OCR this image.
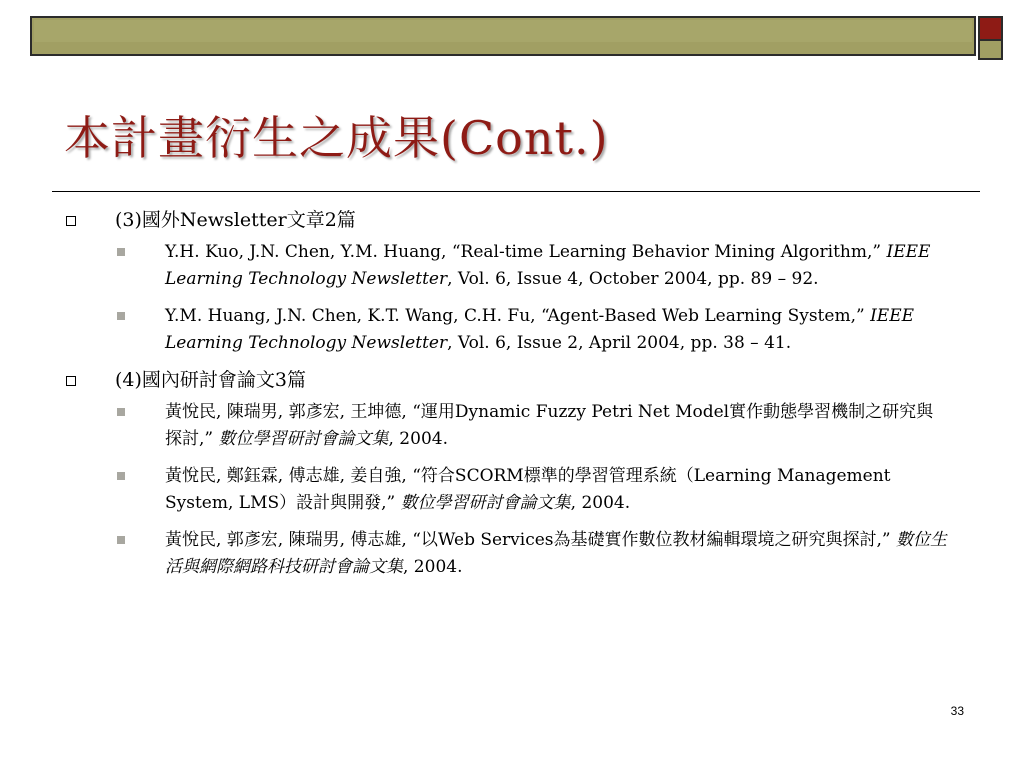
本計畫衍生之成果(Cont.)
(3)國外Newsletter文章2篇
Y.H. Kuo, J.N. Chen, Y.M. Huang, “Real-time Learning Behavior Mining Algorithm,” IEEE Learning Technology Newsletter, Vol. 6, Issue 4, October 2004, pp. 89 – 92.
Y.M. Huang, J.N. Chen, K.T. Wang, C.H. Fu, “Agent-Based Web Learning System,” IEEE Learning Technology Newsletter, Vol. 6, Issue 2, April 2004, pp. 38 – 41.
(4)國內研討會論文3篇
黃悅民, 陳瑞男, 郭彥宏, 王坤德, “運用Dynamic Fuzzy Petri Net Model實作動態學習機制之研究與探討,” 數位學習研討會論文集, 2004.
黃悅民, 鄭鈺霖, 傅志雄, 姜自強, “符合SCORM標準的學習管理系統（Learning Management System, LMS）設計與開發,” 數位學習研討會論文集, 2004.
黃悅民, 郭彥宏, 陳瑞男, 傅志雄, “以Web Services為基礎實作數位教材編輯環境之研究與探討,” 數位生活與網際網路科技研討會論文集, 2004.
33
